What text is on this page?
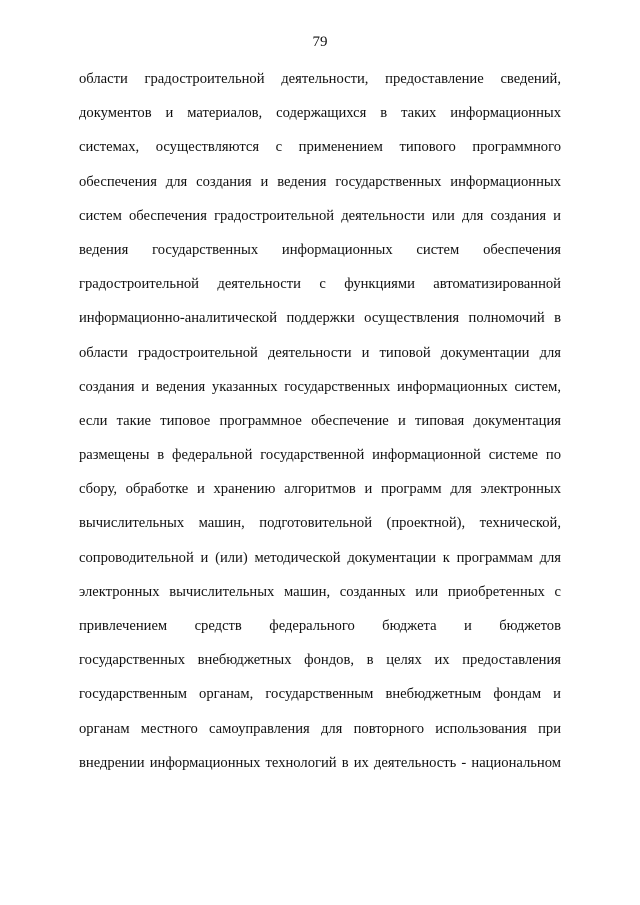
79
области градостроительной деятельности, предоставление сведений,
документов и материалов, содержащихся в таких информационных
системах, осуществляются с применением типового программного
обеспечения для создания и ведения государственных информационных
систем обеспечения градостроительной деятельности или для создания и
ведения государственных информационных систем обеспечения
градостроительной деятельности с функциями автоматизированной
информационно-аналитической поддержки осуществления полномочий в
области градостроительной деятельности и типовой документации для
создания и ведения указанных государственных информационных систем,
если такие типовое программное обеспечение и типовая документация
размещены в федеральной государственной информационной системе по
сбору, обработке и хранению алгоритмов и программ для электронных
вычислительных машин, подготовительной (проектной), технической,
сопроводительной и (или) методической документации к программам для
электронных вычислительных машин, созданных или приобретенных с
привлечением средств федерального бюджета и бюджетов
государственных внебюджетных фондов, в целях их предоставления
государственным органам, государственным внебюджетным фондам и
органам местного самоуправления для повторного использования при
внедрении информационных технологий в их деятельность - национальном
